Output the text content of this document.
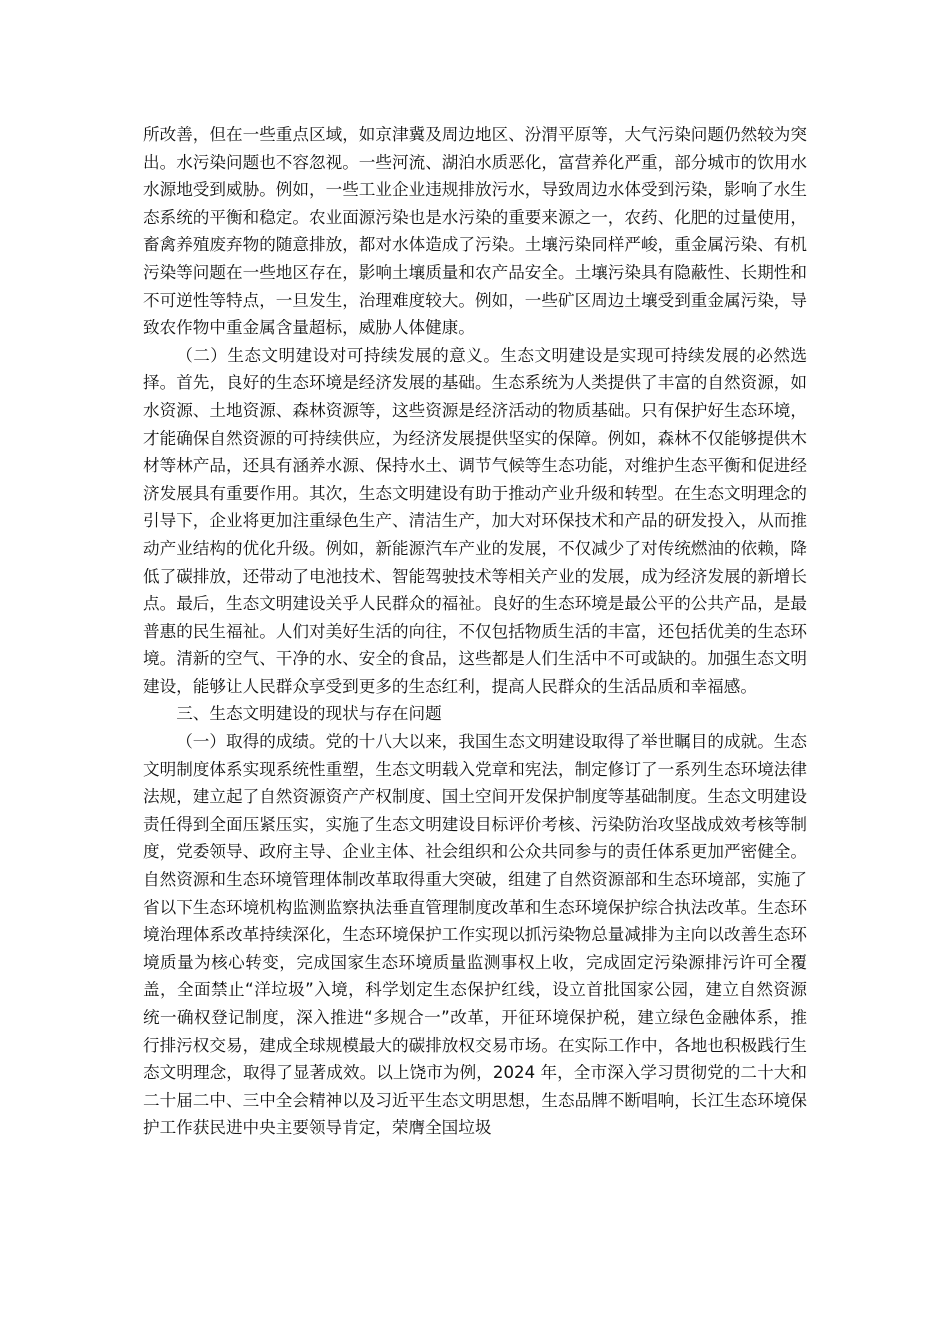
所改善，但在一些重点区域，如京津冀及周边地区、汾渭平原等，大气污染问题仍然较为突出。水污染问题也不容忽视。一些河流、湖泊水质恶化，富营养化严重，部分城市的饮用水水源地受到威胁。例如，一些工业企业违规排放污水，导致周边水体受到污染，影响了水生态系统的平衡和稳定。农业面源污染也是水污染的重要来源之一，农药、化肥的过量使用，畜禽养殖废弃物的随意排放，都对水体造成了污染。土壤污染同样严峻，重金属污染、有机污染等问题在一些地区存在，影响土壤质量和农产品安全。土壤污染具有隐蔽性、长期性和不可逆性等特点，一旦发生，治理难度较大。例如，一些矿区周边土壤受到重金属污染，导致农作物中重金属含量超标，威胁人体健康。

（二）生态文明建设对可持续发展的意义。生态文明建设是实现可持续发展的必然选择。首先，良好的生态环境是经济发展的基础。生态系统为人类提供了丰富的自然资源，如水资源、土地资源、森林资源等，这些资源是经济活动的物质基础。只有保护好生态环境，才能确保自然资源的可持续供应，为经济发展提供坚实的保障。例如，森林不仅能够提供木材等林产品，还具有涵养水源、保持水土、调节气候等生态功能，对维护生态平衡和促进经济发展具有重要作用。其次，生态文明建设有助于推动产业升级和转型。在生态文明理念的引导下，企业将更加注重绿色生产、清洁生产，加大对环保技术和产品的研发投入，从而推动产业结构的优化升级。例如，新能源汽车产业的发展，不仅减少了对传统燃油的依赖，降低了碳排放，还带动了电池技术、智能驾驶技术等相关产业的发展，成为经济发展的新增长点。最后，生态文明建设关乎人民群众的福祉。良好的生态环境是最公平的公共产品，是最普惠的民生福祉。人们对美好生活的向往，不仅包括物质生活的丰富，还包括优美的生态环境。清新的空气、干净的水、安全的食品，这些都是人们生活中不可或缺的。加强生态文明建设，能够让人民群众享受到更多的生态红利，提高人民群众的生活品质和幸福感。

三、生态文明建设的现状与存在问题

（一）取得的成绩。党的十八大以来，我国生态文明建设取得了举世瞩目的成就。生态文明制度体系实现系统性重塑，生态文明载入党章和宪法，制定修订了一系列生态环境法律法规，建立起了自然资源资产产权制度、国土空间开发保护制度等基础制度。生态文明建设责任得到全面压紧压实，实施了生态文明建设目标评价考核、污染防治攻坚战成效考核等制度，党委领导、政府主导、企业主体、社会组织和公众共同参与的责任体系更加严密健全。自然资源和生态环境管理体制改革取得重大突破，组建了自然资源部和生态环境部，实施了省以下生态环境机构监测监察执法垂直管理制度改革和生态环境保护综合执法改革。生态环境治理体系改革持续深化，生态环境保护工作实现以抓污染物总量减排为主向以改善生态环境质量为核心转变，完成国家生态环境质量监测事权上收，完成固定污染源排污许可全覆盖，全面禁止“洋垃圾”入境，科学划定生态保护红线，设立首批国家公园，建立自然资源统一确权登记制度，深入推进“多规合一”改革，开征环境保护税，建立绿色金融体系，推行排污权交易，建成全球规模最大的碳排放权交易市场。在实际工作中，各地也积极践行生态文明理念，取得了显著成效。以上饶市为例，2024 年，全市深入学习贯彻党的二十大和二十届二中、三中全会精神以及习近平生态文明思想，生态品牌不断唱响，长江生态环境保护工作获民进中央主要领导肯定，荣膺全国垃圾
